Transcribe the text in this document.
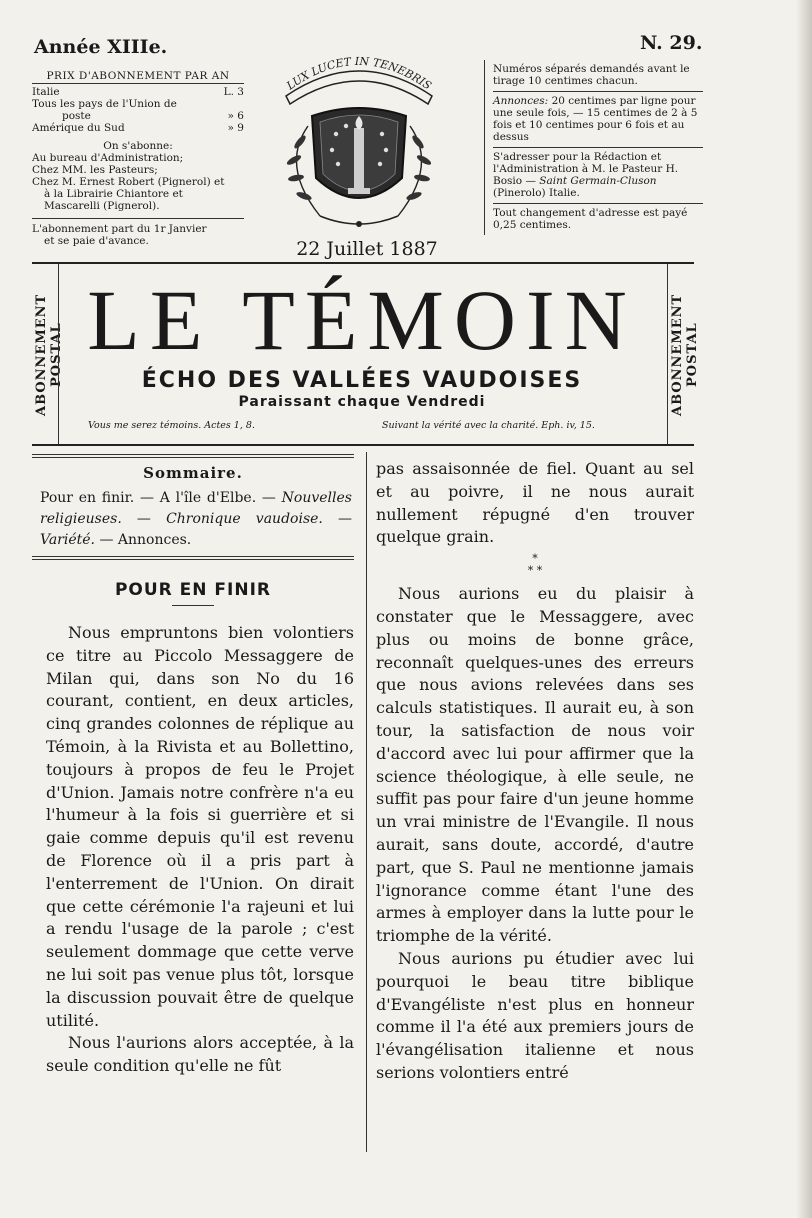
Année XIIIe.	N. 29.
PRIX D'ABONNEMENT PAR AN
Italie	L. 3
Tous les pays de l'Union de
poste	» 6
Amérique du Sud	» 9
On s'abonne:
Au bureau d'Administration;
Chez MM. les Pasteurs;
Chez M. Ernest Robert (Pignerol) et
à la Librairie Chiantore et
Mascarelli (Pignerol).
L'abonnement part du 1r Janvier
et se paie d'avance.
LUX LUCET IN TENEBRIS
22 Juillet 1887
Numéros séparés demandés avant le tirage 10 centimes chacun.
Annonces: 20 centimes par ligne pour une seule fois, — 15 centimes de 2 à 5 fois et 10 centimes pour 6 fois et au dessus
S'adresser pour la Rédaction et l'Administration à M. le Pasteur H. Bosio — Saint Germain-Cluson (Pinerolo) Italie.
Tout changement d'adresse est payé 0,25 centimes.
ABONNEMENT POSTAL LE TÉMOIN
ÉCHO DES VALLÉES VAUDOISES
Paraissant chaque Vendredi
Vous me serez témoins. Actes 1, 8.	Suivant la vérité avec la charité. Eph. iv, 15.
ABONNEMENT POSTAL
Sommaire.
Pour en finir. — A l'île d'Elbe. — Nouvelles religieuses. — Chronique vaudoise. — Variété. — Annonces.
POUR EN FINIR

Nous empruntons bien volontiers ce titre au Piccolo Messaggere de Milan qui, dans son No du 16 courant, contient, en deux articles, cinq grandes colonnes de réplique au Témoin, à la Rivista et au Bollettino, toujours à propos de feu le Projet d'Union. Jamais notre confrère n'a eu l'humeur à la fois si guerrière et si gaie comme depuis qu'il est revenu de Florence où il a pris part à l'enterrement de l'Union. On dirait que cette cérémonie l'a rajeuni et lui a rendu l'usage de la parole ; c'est seulement dommage que cette verve ne lui soit pas venue plus tôt, lorsque la discussion pouvait être de quelque utilité.

Nous l'aurions alors acceptée, à la seule condition qu'elle ne fût

pas assaisonnée de fiel. Quant au sel et au poivre, il ne nous aurait nullement répugné d'en trouver quelque grain.

*
* *

Nous aurions eu du plaisir à constater que le Messaggere, avec plus ou moins de bonne grâce, reconnaît quelques-unes des erreurs que nous avions relevées dans ses calculs statistiques. Il aurait eu, à son tour, la satisfaction de nous voir d'accord avec lui pour affirmer que la science théologique, à elle seule, ne suffit pas pour faire d'un jeune homme un vrai ministre de l'Evangile. Il nous aurait, sans doute, accordé, d'autre part, que S. Paul ne mentionne jamais l'ignorance comme étant l'une des armes à employer dans la lutte pour le triomphe de la vérité.

Nous aurions pu étudier avec lui pourquoi le beau titre biblique d'Evangéliste n'est plus en honneur comme il l'a été aux premiers jours de l'évangélisation italienne et nous serions volontiers entré
